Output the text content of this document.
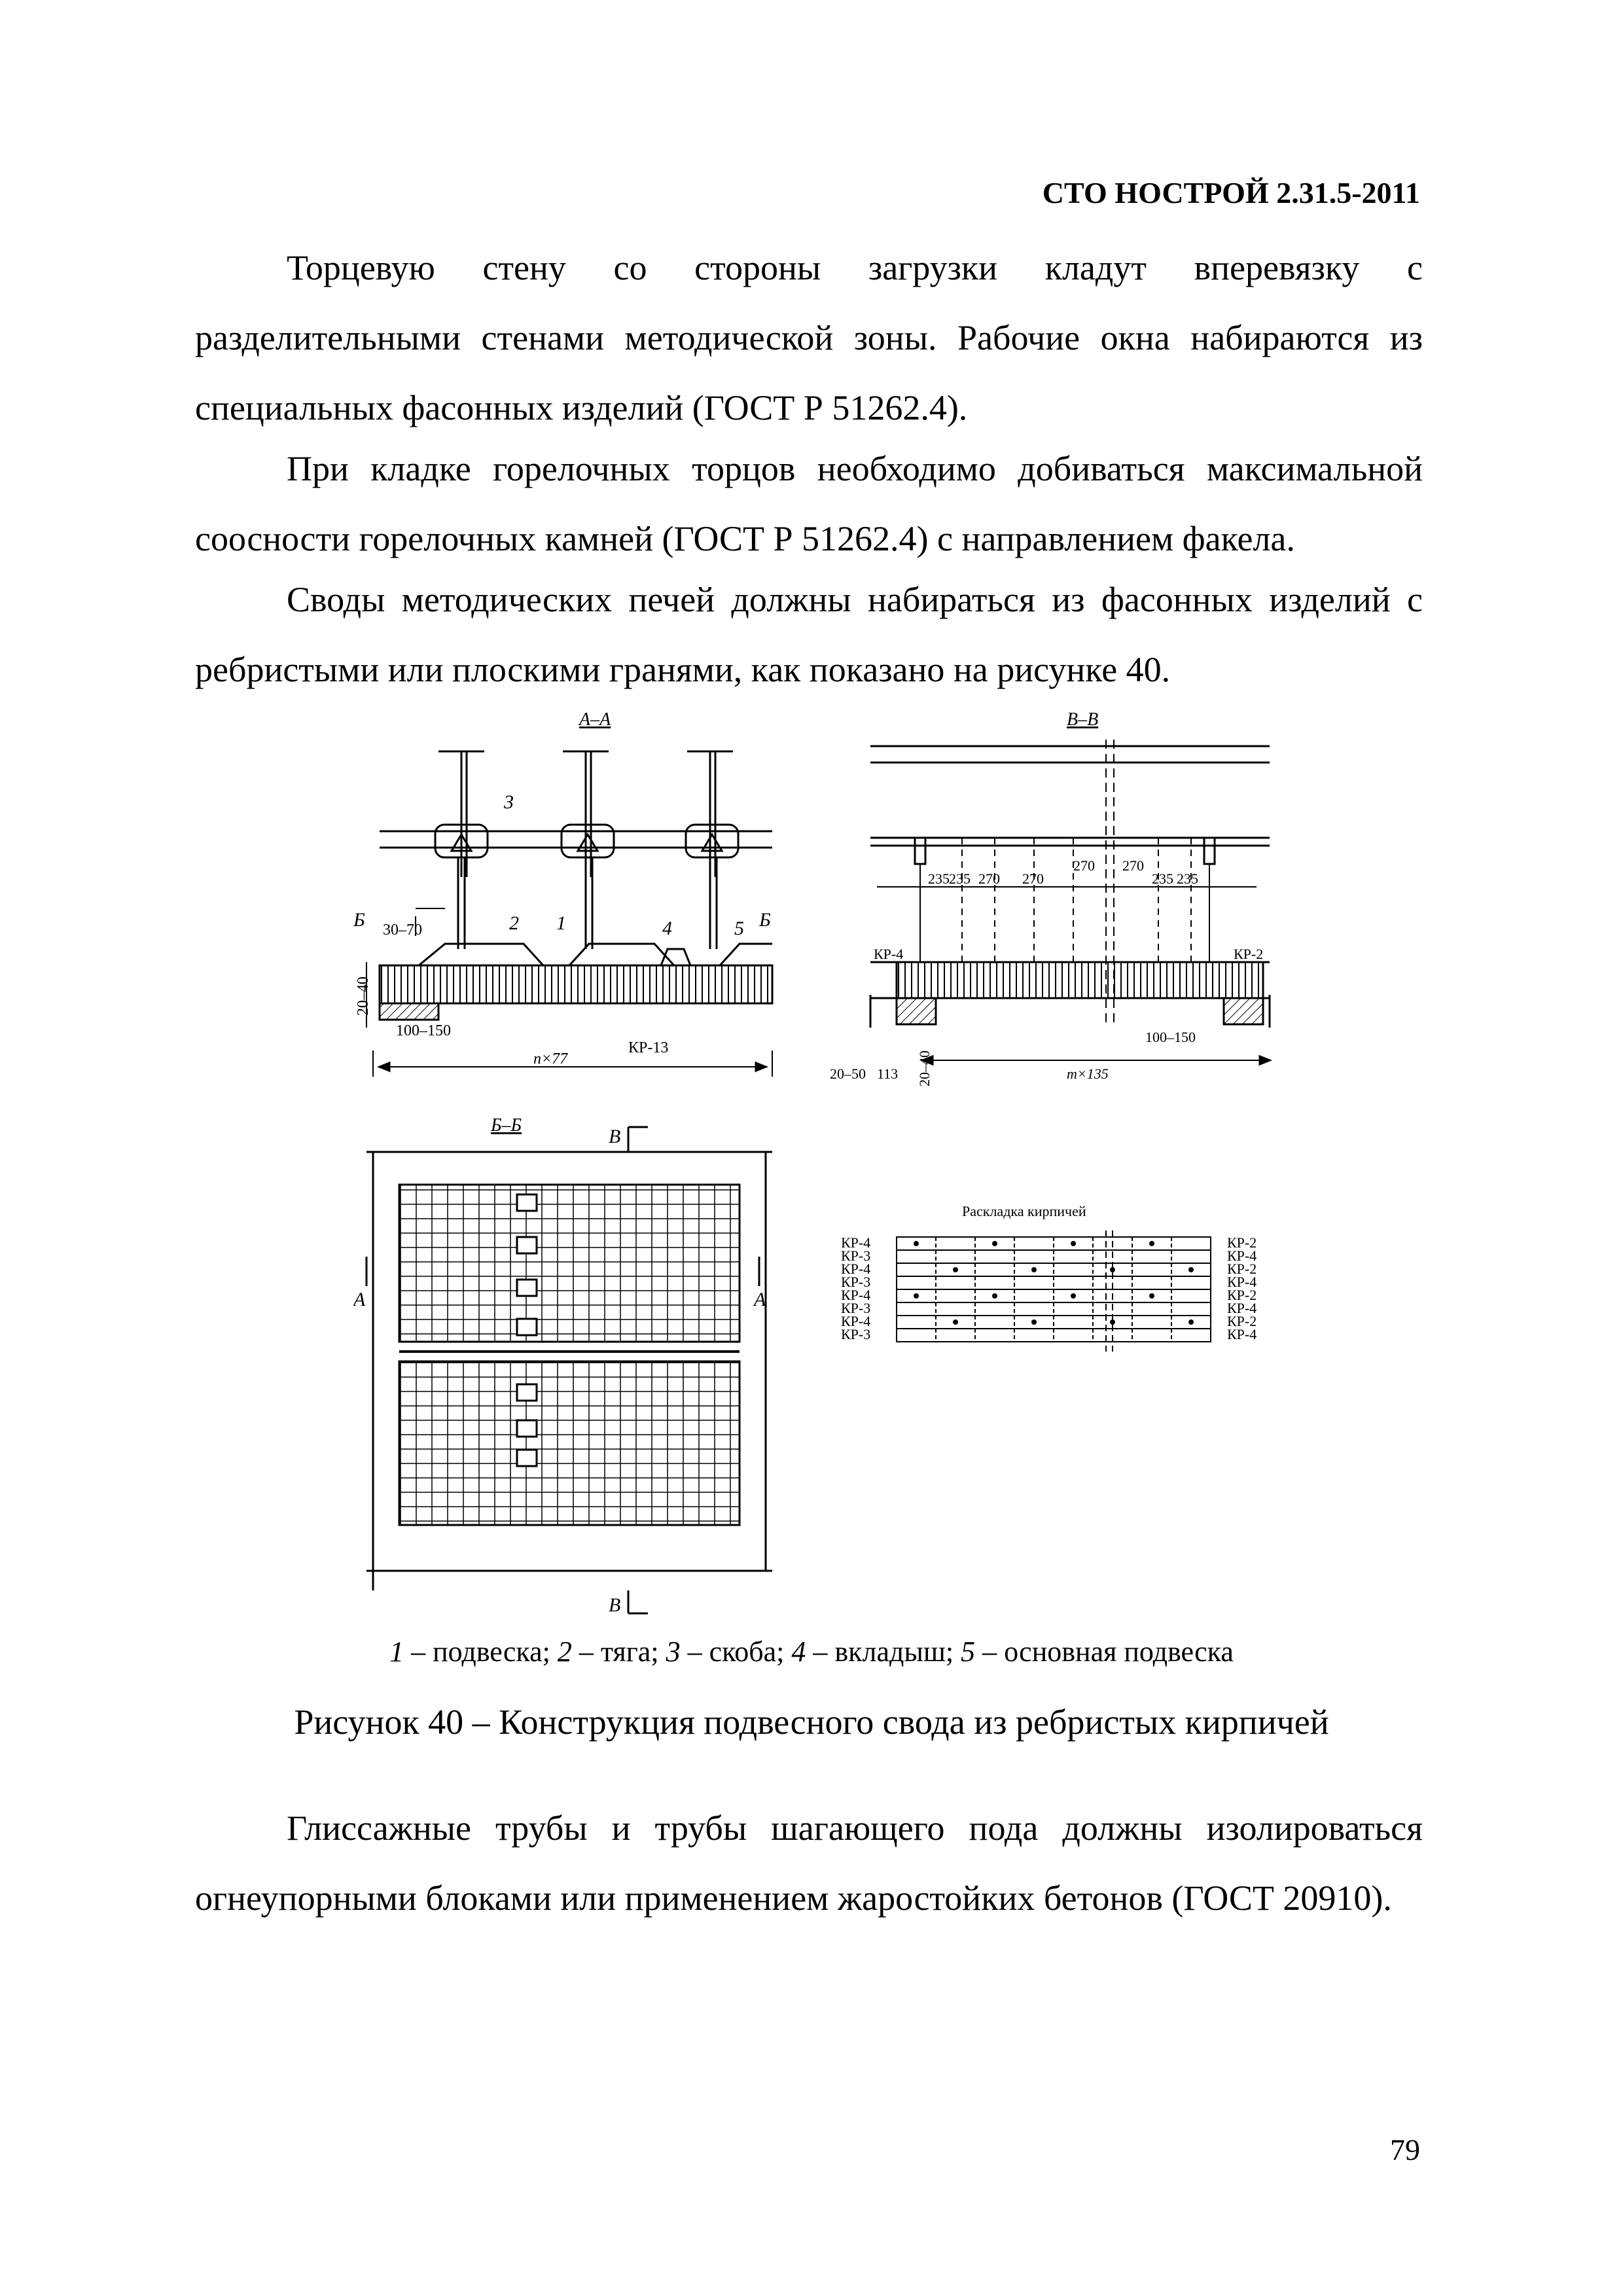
СТО НОСТРОЙ 2.31.5-2011

Торцевую стену со стороны загрузки кладут вперевязку с разделительными стенами методической зоны. Рабочие окна набираются из специальных фасонных изделий (ГОСТ Р 51262.4).

При кладке горелочных торцов необходимо добиваться максимальной соосности горелочных камней (ГОСТ Р 51262.4) с направлением факела.

Своды методических печей должны набираться из фасонных изделий с ребристыми или плоскими гранями, как показано на рисунке 40.

А–А
3
2 1	4	5
Б	Б
30–70
20–40
100–150
КР-13
n×77
В–В
235 235 270 270
270 270
235 235
КР-4	КР-2
100–150
20–50 113 20–40	m×135
Б–Б
В
В
А	А
Раскладка кирпичей
КР-4
КР-3
КР-4
КР-3
КР-4
КР-3
КР-4
КР-3
КР-2
КР-4
КР-2
КР-4
КР-2
КР-4
КР-2
КР-4
1 – подвеска; 2 – тяга; 3 – скоба; 4 – вкладыш; 5 – основная подвеска
Рисунок 40 – Конструкция подвесного свода из ребристых кирпичей

Глиссажные трубы и трубы шагающего пода должны изолироваться огнеупорными блоками или применением жаростойких бетонов (ГОСТ 20910).

79
